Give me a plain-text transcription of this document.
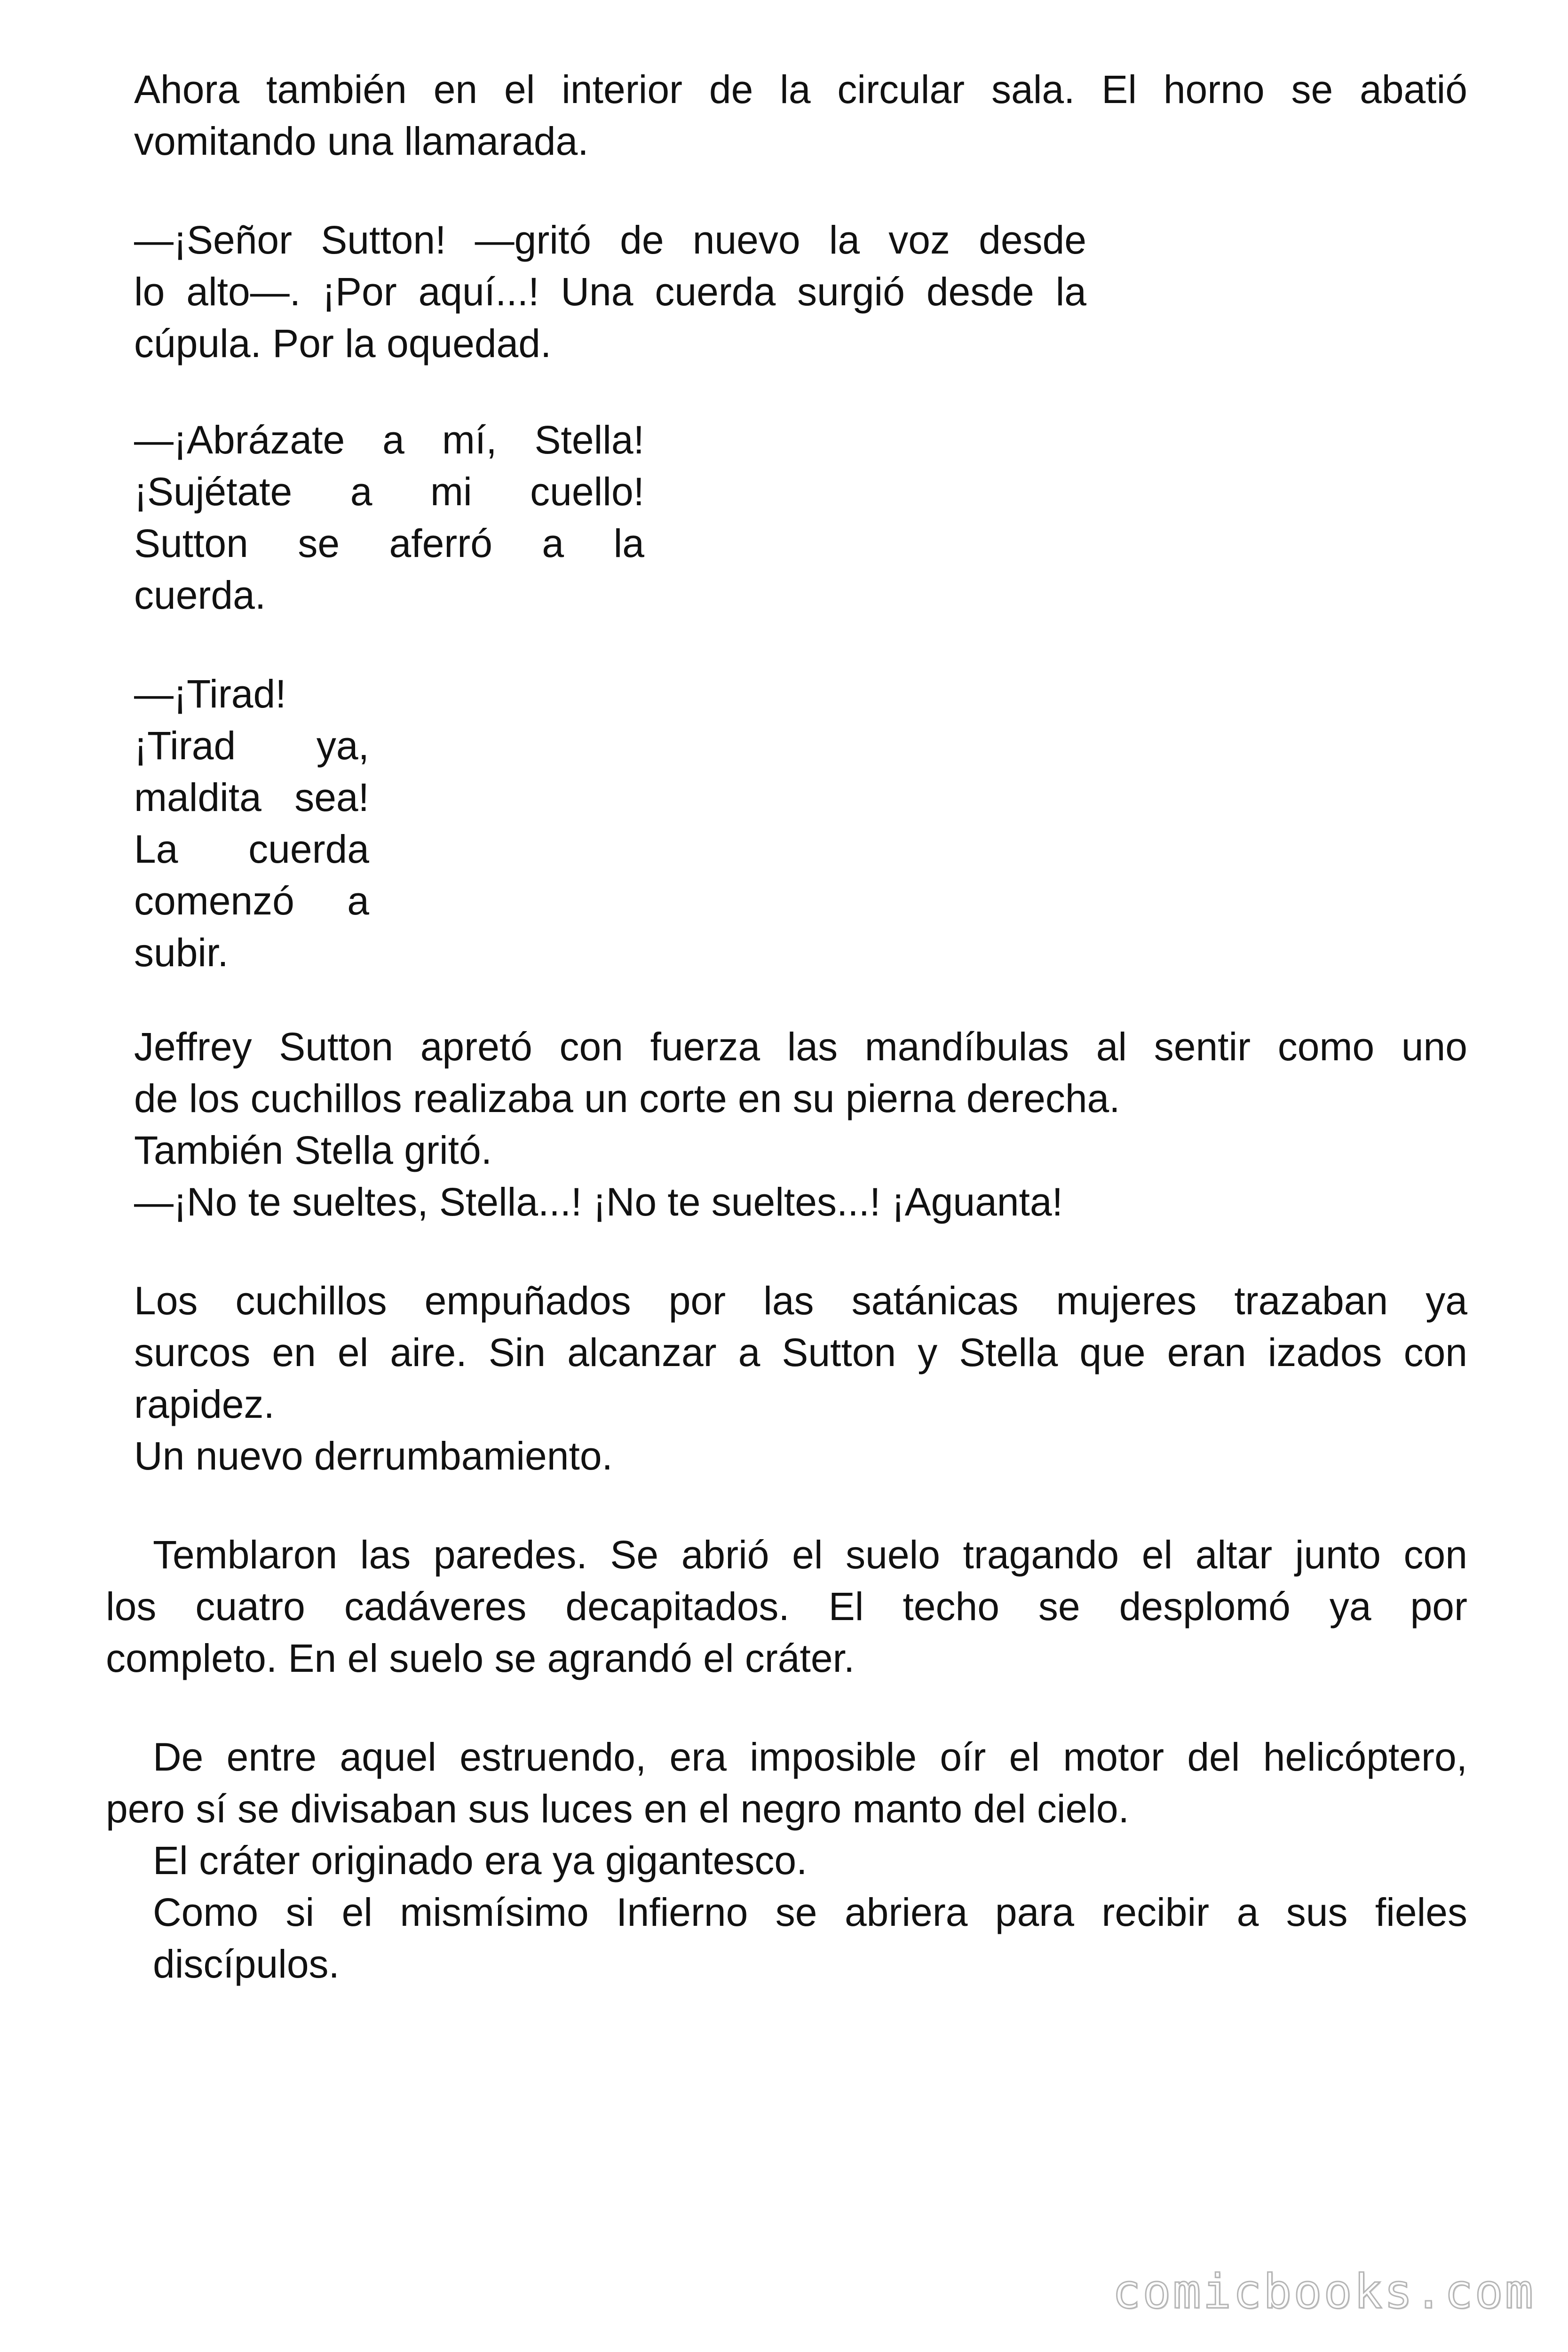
Ahora también en el interior de la circular sala. El horno se abatió
vomitando una llamarada.
—¡Señor Sutton! —gritó de nuevo la voz desde
lo alto—. ¡Por aquí...! Una cuerda surgió desde la
cúpula. Por la oquedad.
—¡Abrázate a mí, Stella!
¡Sujétate a mi cuello!
Sutton se aferró a la
cuerda.
—¡Tirad!
¡Tirad ya,
maldita sea!
La cuerda
comenzó a
subir.
Jeffrey Sutton apretó con fuerza las mandíbulas al sentir como uno
de los cuchillos realizaba un corte en su pierna derecha.
También Stella gritó.
—¡No te sueltes, Stella...! ¡No te sueltes...! ¡Aguanta!
Los cuchillos empuñados por las satánicas mujeres trazaban ya
surcos en el aire. Sin alcanzar a Sutton y Stella que eran izados con
rapidez.
Un nuevo derrumbamiento.
Temblaron las paredes. Se abrió el suelo tragando el altar junto con
los cuatro cadáveres decapitados. El techo se desplomó ya por
completo. En el suelo se agrandó el cráter.
De entre aquel estruendo, era imposible oír el motor del helicóptero,
pero sí se divisaban sus luces en el negro manto del cielo.
El cráter originado era ya gigantesco.
Como si el mismísimo Infierno se abriera para recibir a sus fieles
discípulos.
comicbooks.com
